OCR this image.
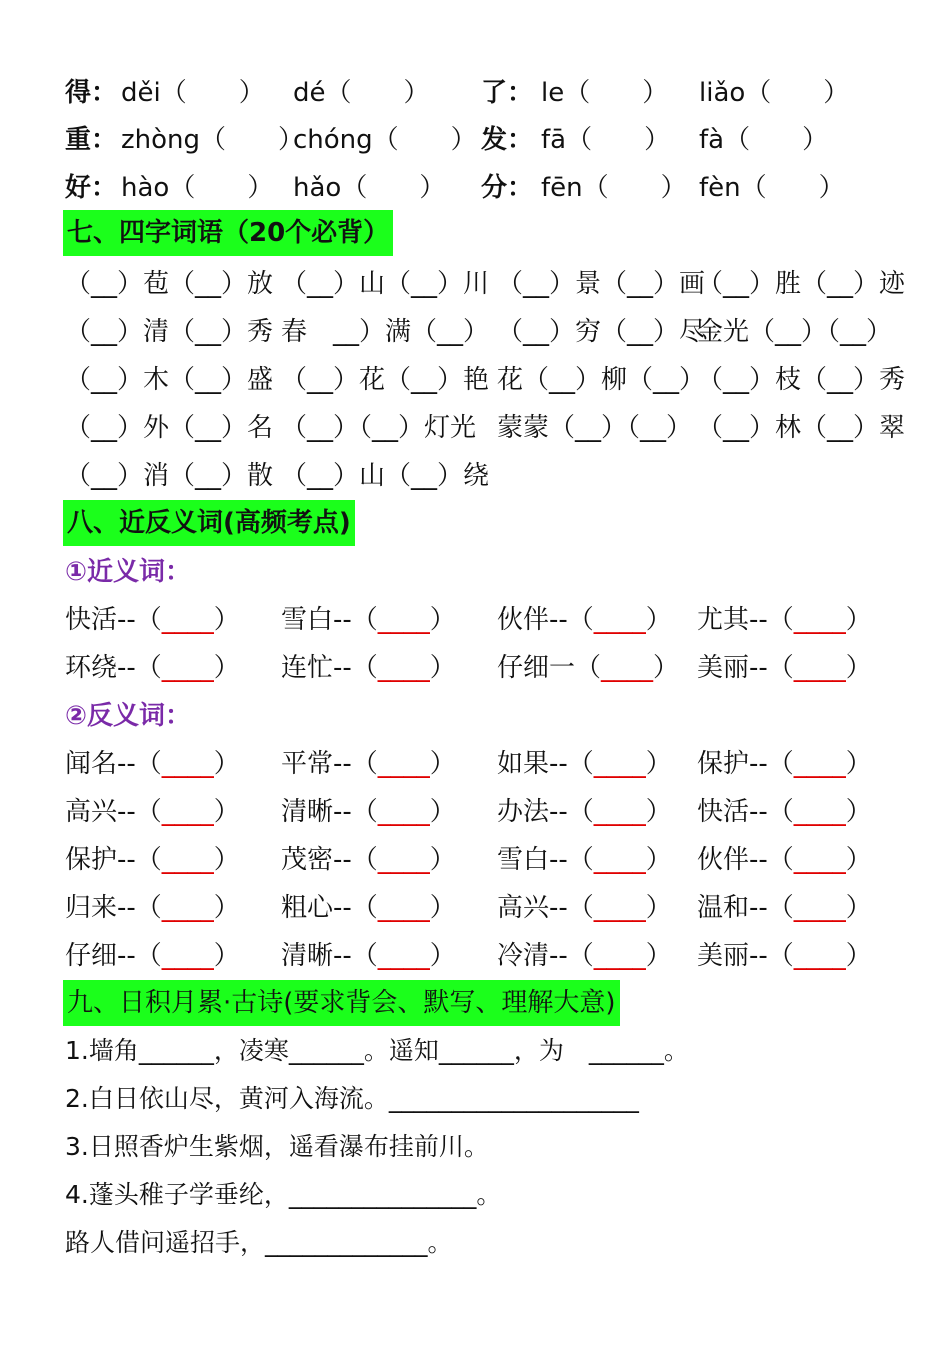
得： děi（　　） dé（　　） 了： le（　　） liǎo（　　）
重： zhòng（　　）
chóng（　　） 发： fā（　　） fà（　　）
好： hào（　　） hǎo（　　） 分： fēn（　　） fèn（　　）
七、四字词语（20个必背）
（__）苞（__）放 （__）山（__）川 （__）景（__）画
（__）胜（__）迹
（__）清（__）秀 春　__）满（__） （__）穷（__）尽
金光（__）（__）
（__）木（__）盛 （__）花（__）艳 花（__）柳（__）
（__）枝（__）秀
（__）外（__）名 （__）（__）灯光 蒙蒙（__）（__） （__）林（__）翠
（__）消（__）散 （__）山（__）绕
八、近反义词(高频考点)
①近义词：
快活--（____） 雪白--（____） 伙伴--（____） 尤其--（____）
环绕--（____） 连忙--（____） 仔细一（____） 美丽--（____）
②反义词：
闻名--（____） 平常--（____） 如果--（____） 保护--（____）
高兴--（____） 清晰--（____） 办法--（____） 快活--（____）
保护--（____） 茂密--（____） 雪白--（____） 伙伴--（____）
归来--（____） 粗心--（____） 高兴--（____） 温和--（____）
仔细--（____） 清晰--（____） 冷清--（____） 美丽--（____）
九、日积月累·古诗(要求背会、默写、理解大意)
1.墙角______，凌寒______。遥知______，为　______。
2.白日依山尽，黄河入海流。____________________
3.日照香炉生紫烟，遥看瀑布挂前川。
4.蓬头稚子学垂纶，_______________。
路人借问遥招手，_____________。
